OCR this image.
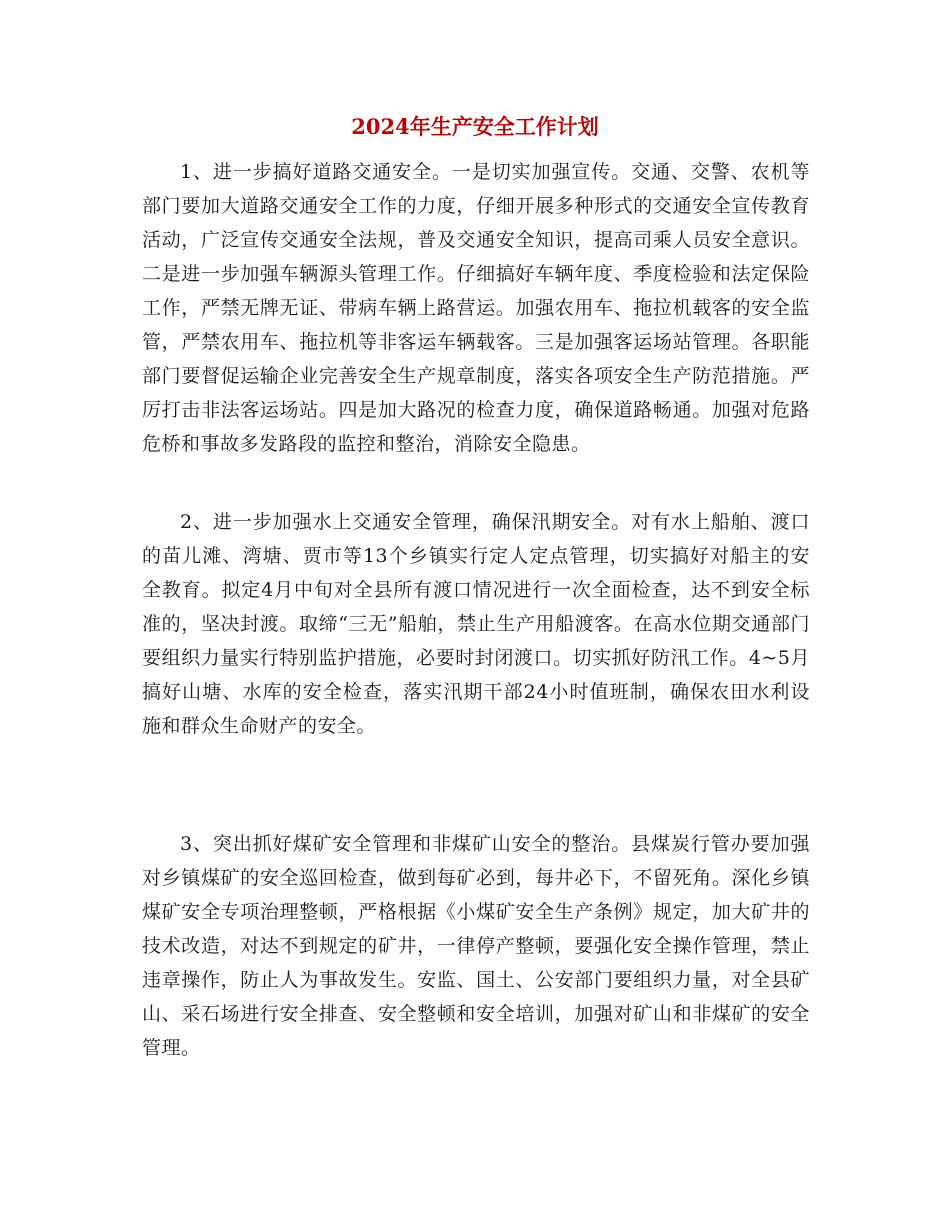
2024年生产安全工作计划

1、进一步搞好道路交通安全。一是切实加强宣传。交通、交警、农机等部门要加大道路交通安全工作的力度，仔细开展多种形式的交通安全宣传教育活动，广泛宣传交通安全法规，普及交通安全知识，提高司乘人员安全意识。二是进一步加强车辆源头管理工作。仔细搞好车辆年度、季度检验和法定保险工作，严禁无牌无证、带病车辆上路营运。加强农用车、拖拉机载客的安全监管，严禁农用车、拖拉机等非客运车辆载客。三是加强客运场站管理。各职能部门要督促运输企业完善安全生产规章制度，落实各项安全生产防范措施。严厉打击非法客运场站。四是加大路况的检查力度，确保道路畅通。加强对危路危桥和事故多发路段的监控和整治，消除安全隐患。

2、进一步加强水上交通安全管理，确保汛期安全。对有水上船舶、渡口的苗儿滩、湾塘、贾市等13个乡镇实行定人定点管理，切实搞好对船主的安全教育。拟定4月中旬对全县所有渡口情况进行一次全面检查，达不到安全标准的，坚决封渡。取缔“三无”船舶，禁止生产用船渡客。在高水位期交通部门要组织力量实行特别监护措施，必要时封闭渡口。切实抓好防汛工作。4~5月搞好山塘、水库的安全检查，落实汛期干部24小时值班制，确保农田水利设施和群众生命财产的安全。

3、突出抓好煤矿安全管理和非煤矿山安全的整治。县煤炭行管办要加强对乡镇煤矿的安全巡回检查，做到每矿必到，每井必下，不留死角。深化乡镇煤矿安全专项治理整顿，严格根据《小煤矿安全生产条例》规定，加大矿井的技术改造，对达不到规定的矿井，一律停产整顿，要强化安全操作管理，禁止违章操作，防止人为事故发生。安监、国土、公安部门要组织力量，对全县矿山、采石场进行安全排查、安全整顿和安全培训，加强对矿山和非煤矿的安全管理。
